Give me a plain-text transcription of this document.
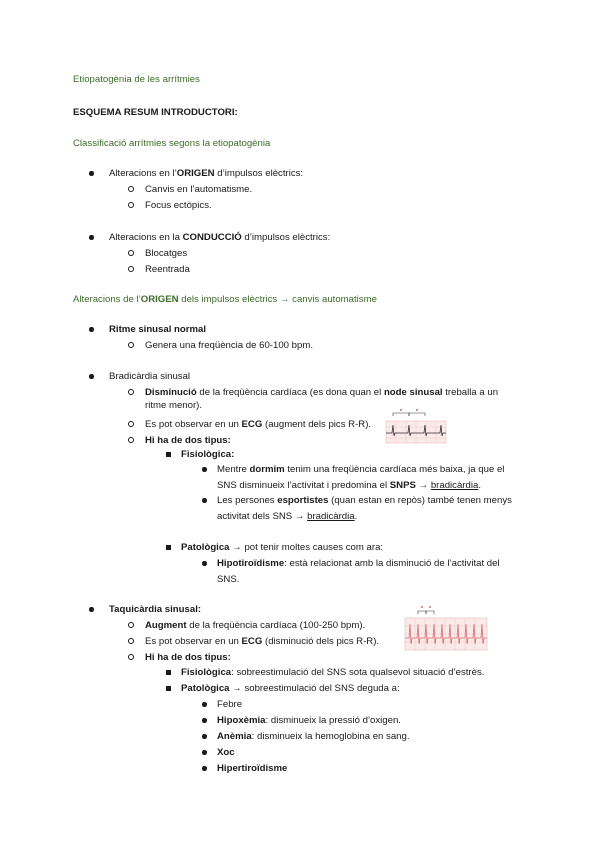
Etiopatogènia de les arrítmies
ESQUEMA RESUM INTRODUCTORI:
Classificació arrítmies segons la etiopatogènia
Alteracions en l’ORIGEN d’impulsos elèctrics:
Canvis en l’automatisme.
Focus ectòpics.
Alteracions en la CONDUCCIÓ d’impulsos elèctrics:
Blocatges
Reentrada
Alteracions de l’ORIGEN dels impulsos elèctrics → canvis automatisme
Ritme sinusal normal
Genera una freqüència de 60-100 bpm.
Bradicàrdia sinusal
Disminució de la freqüència cardíaca (es dona quan el node sinusal treballa a un
ritme menor).
Es pot observar en un ECG (augment dels pics R-R).
Hi ha de dos tipus:
Fisiològica:
Mentre dormim tenim una freqüència cardíaca més baixa, ja que el
SNS disminueix l’activitat i predomina el SNPS → bradicàrdia.
Les persones esportistes (quan estan en repòs) també tenen menys
activitat dels SNS → bradicàrdia.
Patològica → pot tenir moltes causes com ara:
Hipotiroïdisme: està relacionat amb la disminució de l’activitat del
SNS.
Taquicàrdia sinusal:
Augment de la freqüència cardíaca (100-250 bpm).
Es pot observar en un ECG (disminució dels pics R-R).
Hi ha de dos tipus:
Fisiològica: sobreestimulació del SNS sota qualsevol situació d’estrès.
Patològica → sobreestimulació del SNS deguda a:
Febre
Hipoxèmia: disminueix la pressió d’oxigen.
Anèmia: disminueix la hemoglobina en sang.
Xoc
Hipertiroïdisme
